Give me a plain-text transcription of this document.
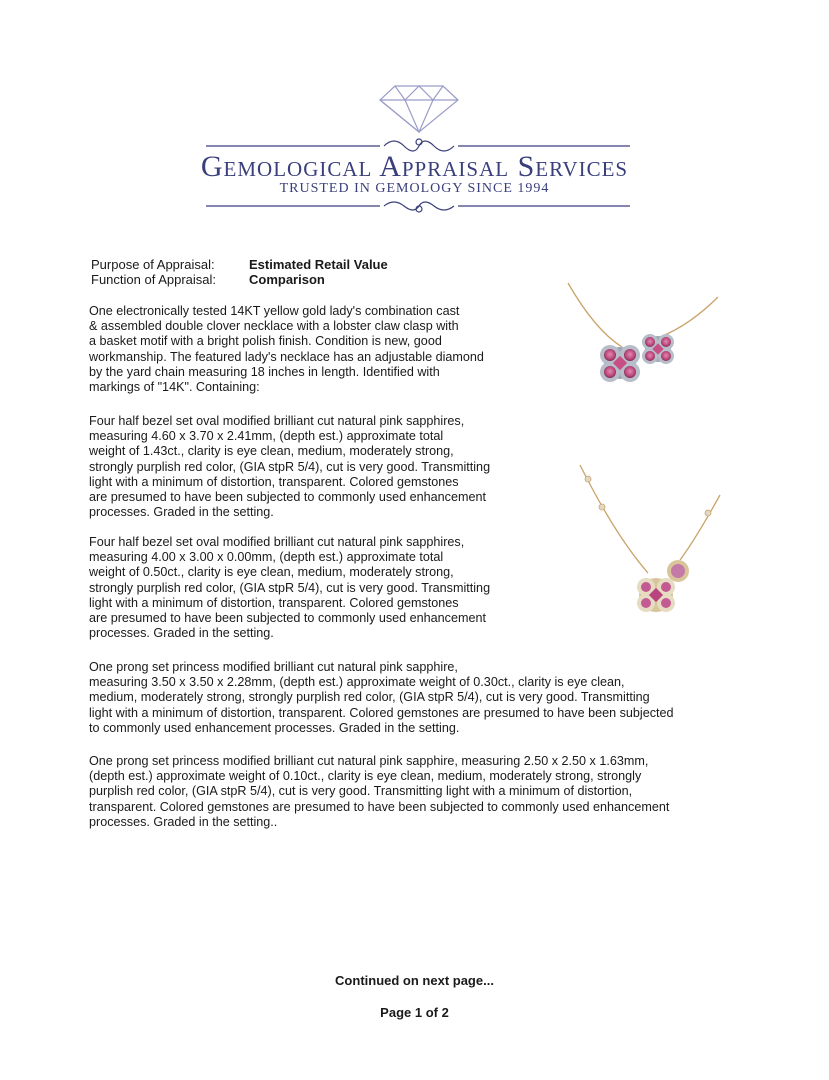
Gemological Appraisal Services
TRUSTED IN GEMOLOGY SINCE 1994
Purpose of Appraisal:	Estimated Retail Value
Function of Appraisal:	Comparison

One electronically tested 14KT yellow gold lady's combination cast
& assembled double clover necklace with a lobster claw clasp with
a basket motif with a bright polish finish. Condition is new, good
workmanship. The featured lady's necklace has an adjustable diamond
by the yard chain measuring 18 inches in length. Identified with
markings of "14K". Containing:

Four half bezel set oval modified brilliant cut natural pink sapphires,
measuring 4.60 x 3.70 x 2.41mm, (depth est.) approximate total
weight of 1.43ct., clarity is eye clean, medium, moderately strong,
strongly purplish red color, (GIA stpR 5/4), cut is very good. Transmitting
light with a minimum of distortion, transparent. Colored gemstones
are presumed to have been subjected to commonly used enhancement
processes. Graded in the setting.

Four half bezel set oval modified brilliant cut natural pink sapphires,
measuring 4.00 x 3.00 x 0.00mm, (depth est.) approximate total
weight of 0.50ct., clarity is eye clean, medium, moderately strong,
strongly purplish red color, (GIA stpR 5/4), cut is very good. Transmitting
light with a minimum of distortion, transparent. Colored gemstones
are presumed to have been subjected to commonly used enhancement
processes. Graded in the setting.

One prong set princess modified brilliant cut natural pink sapphire,
measuring 3.50 x 3.50 x 2.28mm, (depth est.) approximate weight of 0.30ct., clarity is eye clean,
medium, moderately strong, strongly purplish red color, (GIA stpR 5/4), cut is very good. Transmitting
light with a minimum of distortion, transparent. Colored gemstones are presumed to have been subjected
to commonly used enhancement processes. Graded in the setting.

One prong set princess modified brilliant cut natural pink sapphire, measuring 2.50 x 2.50 x 1.63mm,
(depth est.) approximate weight of 0.10ct., clarity is eye clean, medium, moderately strong, strongly
purplish red color, (GIA stpR 5/4), cut is very good. Transmitting light with a minimum of distortion,
transparent. Colored gemstones are presumed to have been subjected to commonly used enhancement
processes. Graded in the setting..

Continued on next page...
Page 1 of 2
